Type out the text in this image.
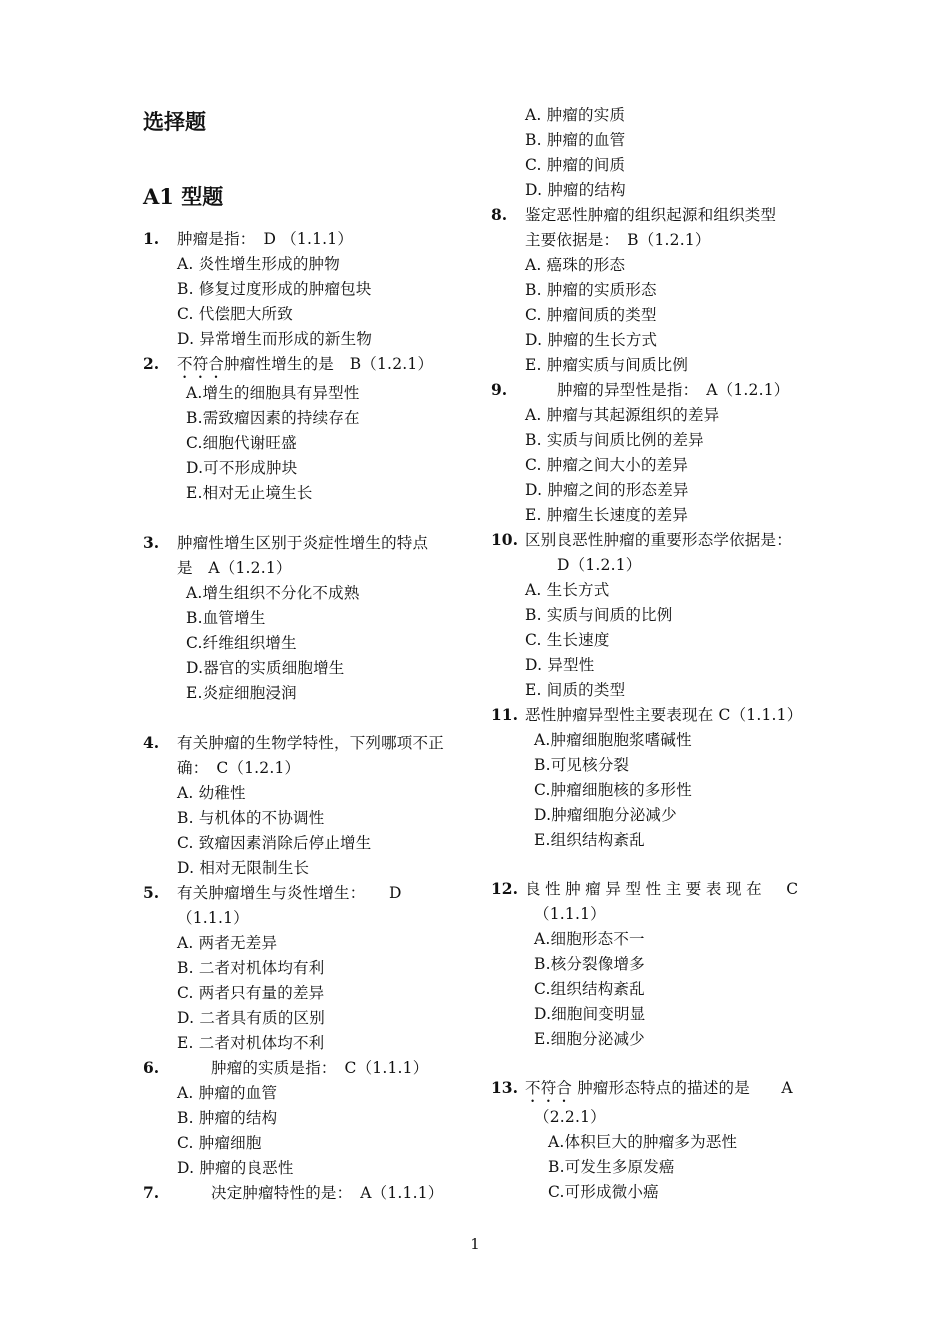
选择题
A1 型题
1. 肿瘤是指：　D （1.1.1）
A. 炎性增生形成的肿物
B. 修复过度形成的肿瘤包块
C. 代偿肥大所致
D. 异常增生而形成的新生物
2. 不符合肿瘤性增生的是　B（1.2.1）
A.增生的细胞具有异型性
B.需致瘤因素的持续存在
C.细胞代谢旺盛
D.可不形成肿块
E.相对无止境生长
3. 肿瘤性增生区别于炎症性增生的特点
是　A（1.2.1）
A.增生组织不分化不成熟
B.血管增生
C.纤维组织增生
D.器官的实质细胞增生
E.炎症细胞浸润
4. 有关肿瘤的生物学特性，下列哪项不正
确：　C（1.2.1）
A. 幼稚性
B. 与机体的不协调性
C. 致瘤因素消除后停止增生
D. 相对无限制生长
5. 有关肿瘤增生与炎性增生：　　D
（1.1.1）
A. 两者无差异
B. 二者对机体均有利
C. 两者只有量的差异
D. 二者具有质的区别
E. 二者对机体均不利
6.	肿瘤的实质是指：　C（1.1.1）
A. 肿瘤的血管
B. 肿瘤的结构
C. 肿瘤细胞
D. 肿瘤的良恶性
7.	决定肿瘤特性的是：　A（1.1.1）
A. 肿瘤的实质
B. 肿瘤的血管
C. 肿瘤的间质
D. 肿瘤的结构
8. 鉴定恶性肿瘤的组织起源和组织类型
主要依据是：　B（1.2.1）
A. 癌珠的形态
B. 肿瘤的实质形态
C. 肿瘤间质的类型
D. 肿瘤的生长方式
E. 肿瘤实质与间质比例
9.	肿瘤的异型性是指：　A（1.2.1）
A. 肿瘤与其起源组织的差异
B. 实质与间质比例的差异
C. 肿瘤之间大小的差异
D. 肿瘤之间的形态差异
E. 肿瘤生长速度的差异
10. 区别良恶性肿瘤的重要形态学依据是：
D（1.2.1）
A. 生长方式
B. 实质与间质的比例
C. 生长速度
D. 异型性
E. 间质的类型
11. 恶性肿瘤异型性主要表现在 C（1.1.1）
A.肿瘤细胞胞浆嗜碱性
B.可见核分裂
C.肿瘤细胞核的多形性
D.肿瘤细胞分泌减少
E.组织结构紊乱
12. 良性肿瘤异型性主要表现在　C
（1.1.1）
A.细胞形态不一
B.核分裂像增多
C.组织结构紊乱
D.细胞间变明显
E.细胞分泌减少
13. 不符合 肿瘤形态特点的描述的是　　A
（2.2.1）
A.体积巨大的肿瘤多为恶性
B.可发生多原发癌
C.可形成微小癌
1
